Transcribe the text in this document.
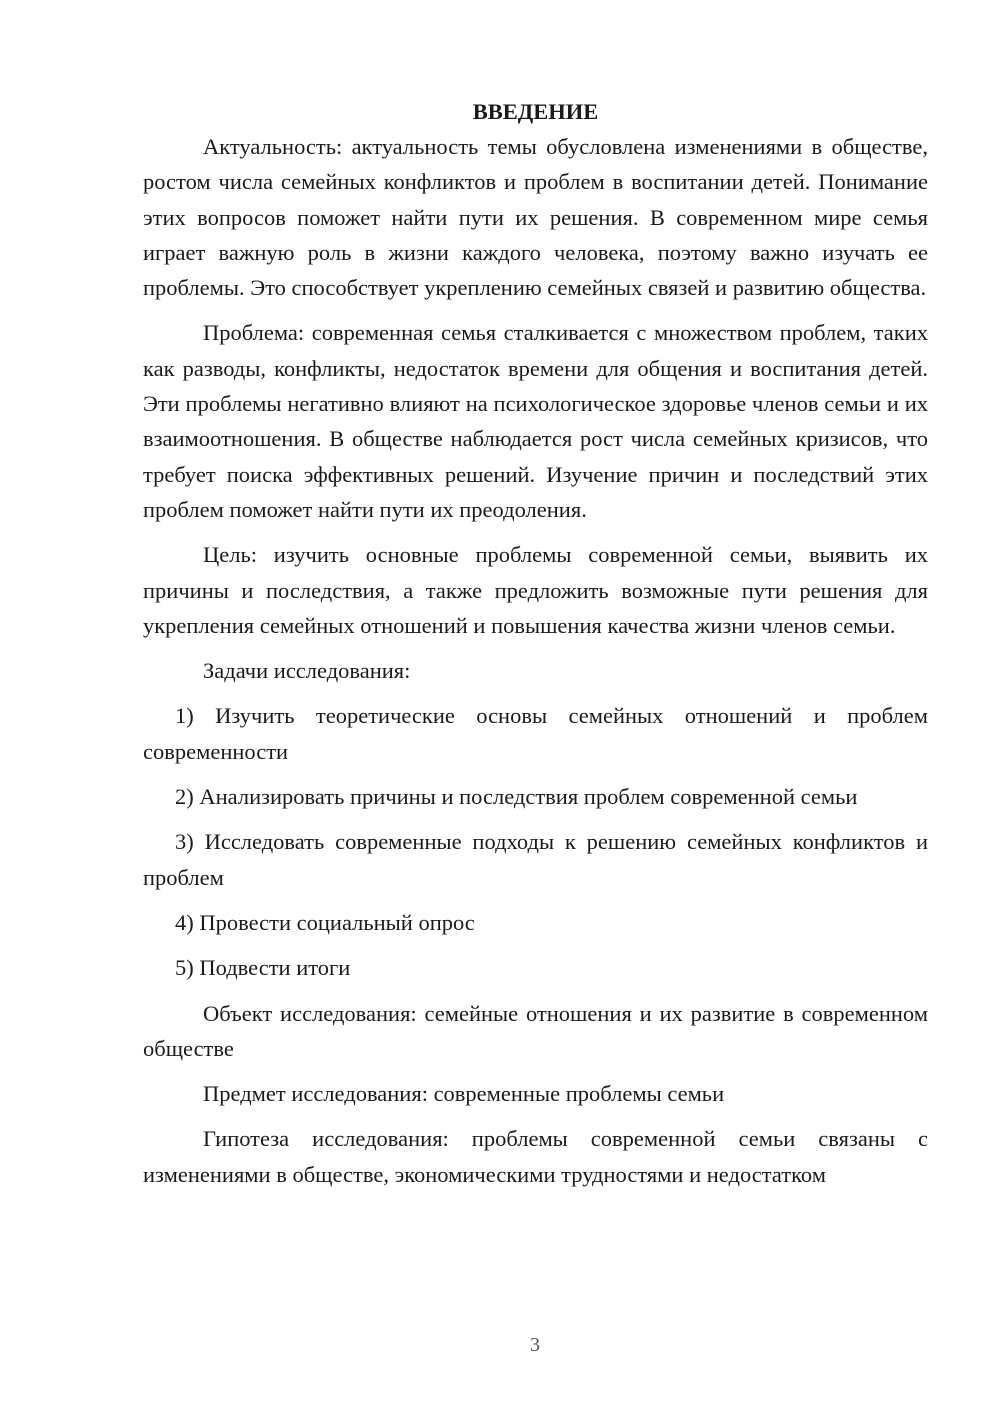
ВВЕДЕНИЕ

Актуальность: актуальность темы обусловлена изменениями в обществе, ростом числа семейных конфликтов и проблем в воспитании детей. Понимание этих вопросов поможет найти пути их решения. В современном мире семья играет важную роль в жизни каждого человека, поэтому важно изучать ее проблемы. Это способствует укреплению семейных связей и развитию общества.

Проблема: современная семья сталкивается с множеством проблем, таких как разводы, конфликты, недостаток времени для общения и воспитания детей. Эти проблемы негативно влияют на психологическое здоровье членов семьи и их взаимоотношения. В обществе наблюдается рост числа семейных кризисов, что требует поиска эффективных решений. Изучение причин и последствий этих проблем поможет найти пути их преодоления.

Цель: изучить основные проблемы современной семьи, выявить их причины и последствия, а также предложить возможные пути решения для укрепления семейных отношений и повышения качества жизни членов семьи.

Задачи исследования:

1) Изучить теоретические основы семейных отношений и проблем современности

2) Анализировать причины и последствия проблем современной семьи

3) Исследовать современные подходы к решению семейных конфликтов и проблем

4) Провести социальный опрос

5) Подвести итоги

Объект исследования: семейные отношения и их развитие в современном обществе

Предмет исследования: современные проблемы семьи

Гипотеза исследования: проблемы современной семьи связаны с изменениями в обществе, экономическими трудностями и недостатком

3
